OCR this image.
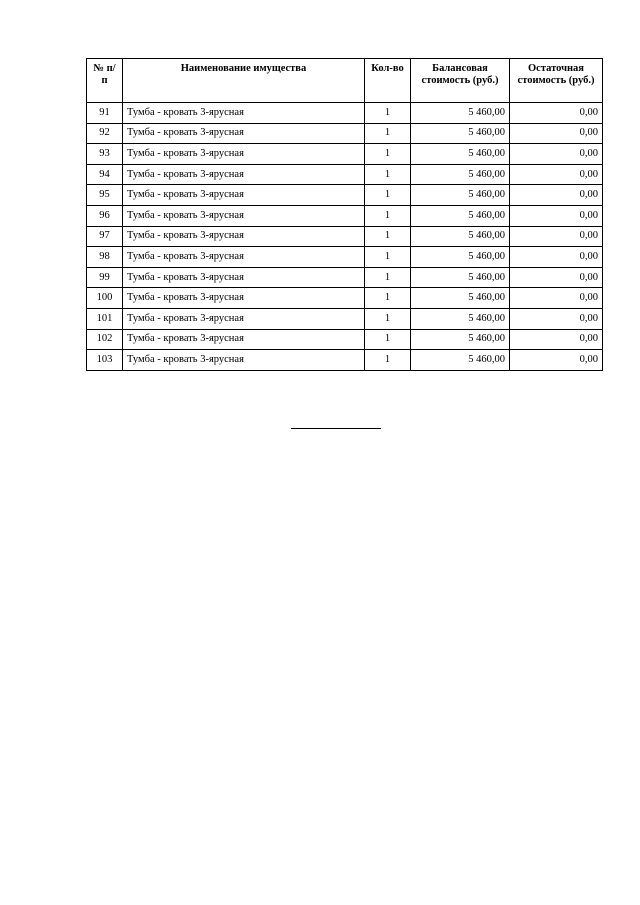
№ п/п	Наименование имущества	Кол-во	Балансовая стоимость (руб.)	Остаточная стоимость (руб.)
91	Тумба - кровать 3-ярусная	1	5 460,00	0,00
92	Тумба - кровать 3-ярусная	1	5 460,00	0,00
93	Тумба - кровать 3-ярусная	1	5 460,00	0,00
94	Тумба - кровать 3-ярусная	1	5 460,00	0,00
95	Тумба - кровать 3-ярусная	1	5 460,00	0,00
96	Тумба - кровать 3-ярусная	1	5 460,00	0,00
97	Тумба - кровать 3-ярусная	1	5 460,00	0,00
98	Тумба - кровать 3-ярусная	1	5 460,00	0,00
99	Тумба - кровать 3-ярусная	1	5 460,00	0,00
100	Тумба - кровать 3-ярусная	1	5 460,00	0,00
101	Тумба - кровать 3-ярусная	1	5 460,00	0,00
102	Тумба - кровать 3-ярусная	1	5 460,00	0,00
103	Тумба - кровать 3-ярусная	1	5 460,00	0,00
